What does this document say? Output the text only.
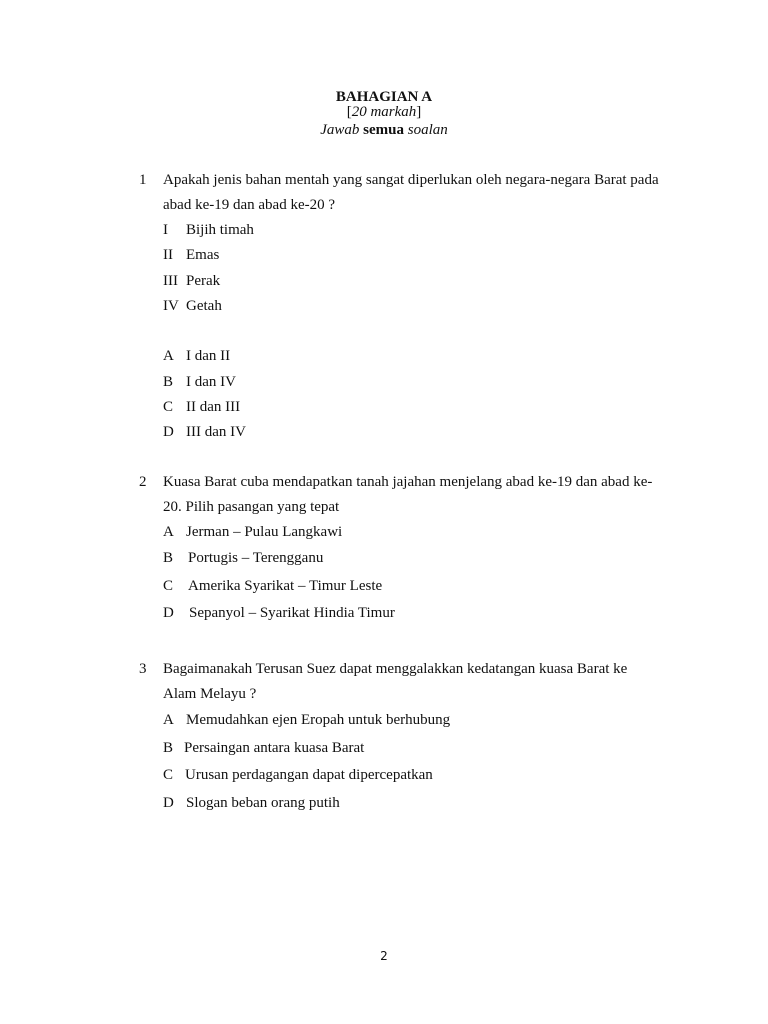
BAHAGIAN A
[20 markah]
Jawab semua soalan
1 Apakah jenis bahan mentah yang sangat diperlukan oleh negara-negara Barat pada
abad ke-19 dan abad ke-20 ?
I Bijih timah
II Emas
III Perak
IV Getah
A I dan II
B I dan IV
C II dan III
D III dan IV
2 Kuasa Barat cuba mendapatkan tanah jajahan menjelang abad ke-19 dan abad ke-
20. Pilih pasangan yang tepat
A Jerman – Pulau Langkawi
B Portugis – Terengganu
C Amerika Syarikat – Timur Leste
D Sepanyol – Syarikat Hindia Timur
3 Bagaimanakah Terusan Suez dapat menggalakkan kedatangan kuasa Barat ke
Alam Melayu ?
A Memudahkan ejen Eropah untuk berhubung
B Persaingan antara kuasa Barat
C Urusan perdagangan dapat dipercepatkan
D Slogan beban orang putih
2
